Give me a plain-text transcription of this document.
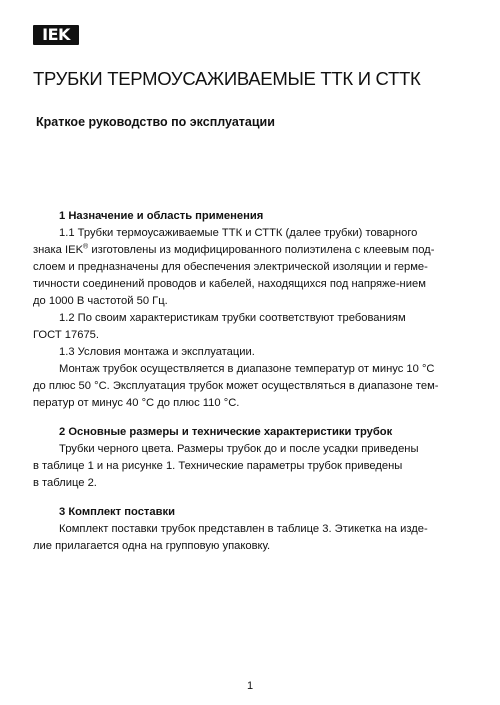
IEK
ТРУБКИ ТЕРМОУСАЖИВАЕМЫЕ ТТК И СТТК
Краткое руководство по эксплуатации

1 Назначение и область применения

1.1 Трубки термоусаживаемые ТТК и СТТК (далее трубки) товарного

знака IEK® изготовлены из модифицированного полиэтилена с клеевым под-

слоем и предназначены для обеспечения электрической изоляции и герме-

тичности соединений проводов и кабелей, находящихся под напряже-нием

до 1000 В частотой 50 Гц.

1.2 По своим характеристикам трубки соответствуют требованиям

ГОСТ 17675.

1.3 Условия монтажа и эксплуатации.

Монтаж трубок осуществляется в диапазоне температур от минус 10 °С

до плюс 50 °С. Эксплуатация трубок может осуществляться в диапазоне тем-

ператур от минус 40 °С до плюс 110 °С.

2 Основные размеры и технические характеристики трубок

Трубки черного цвета. Размеры трубок до и после усадки приведены

в таблице 1 и на рисунке 1. Технические параметры трубок приведены

в таблице 2.

3 Комплект поставки

Комплект поставки трубок представлен в таблице 3. Этикетка на изде-

лие прилагается одна на групповую упаковку.

1
